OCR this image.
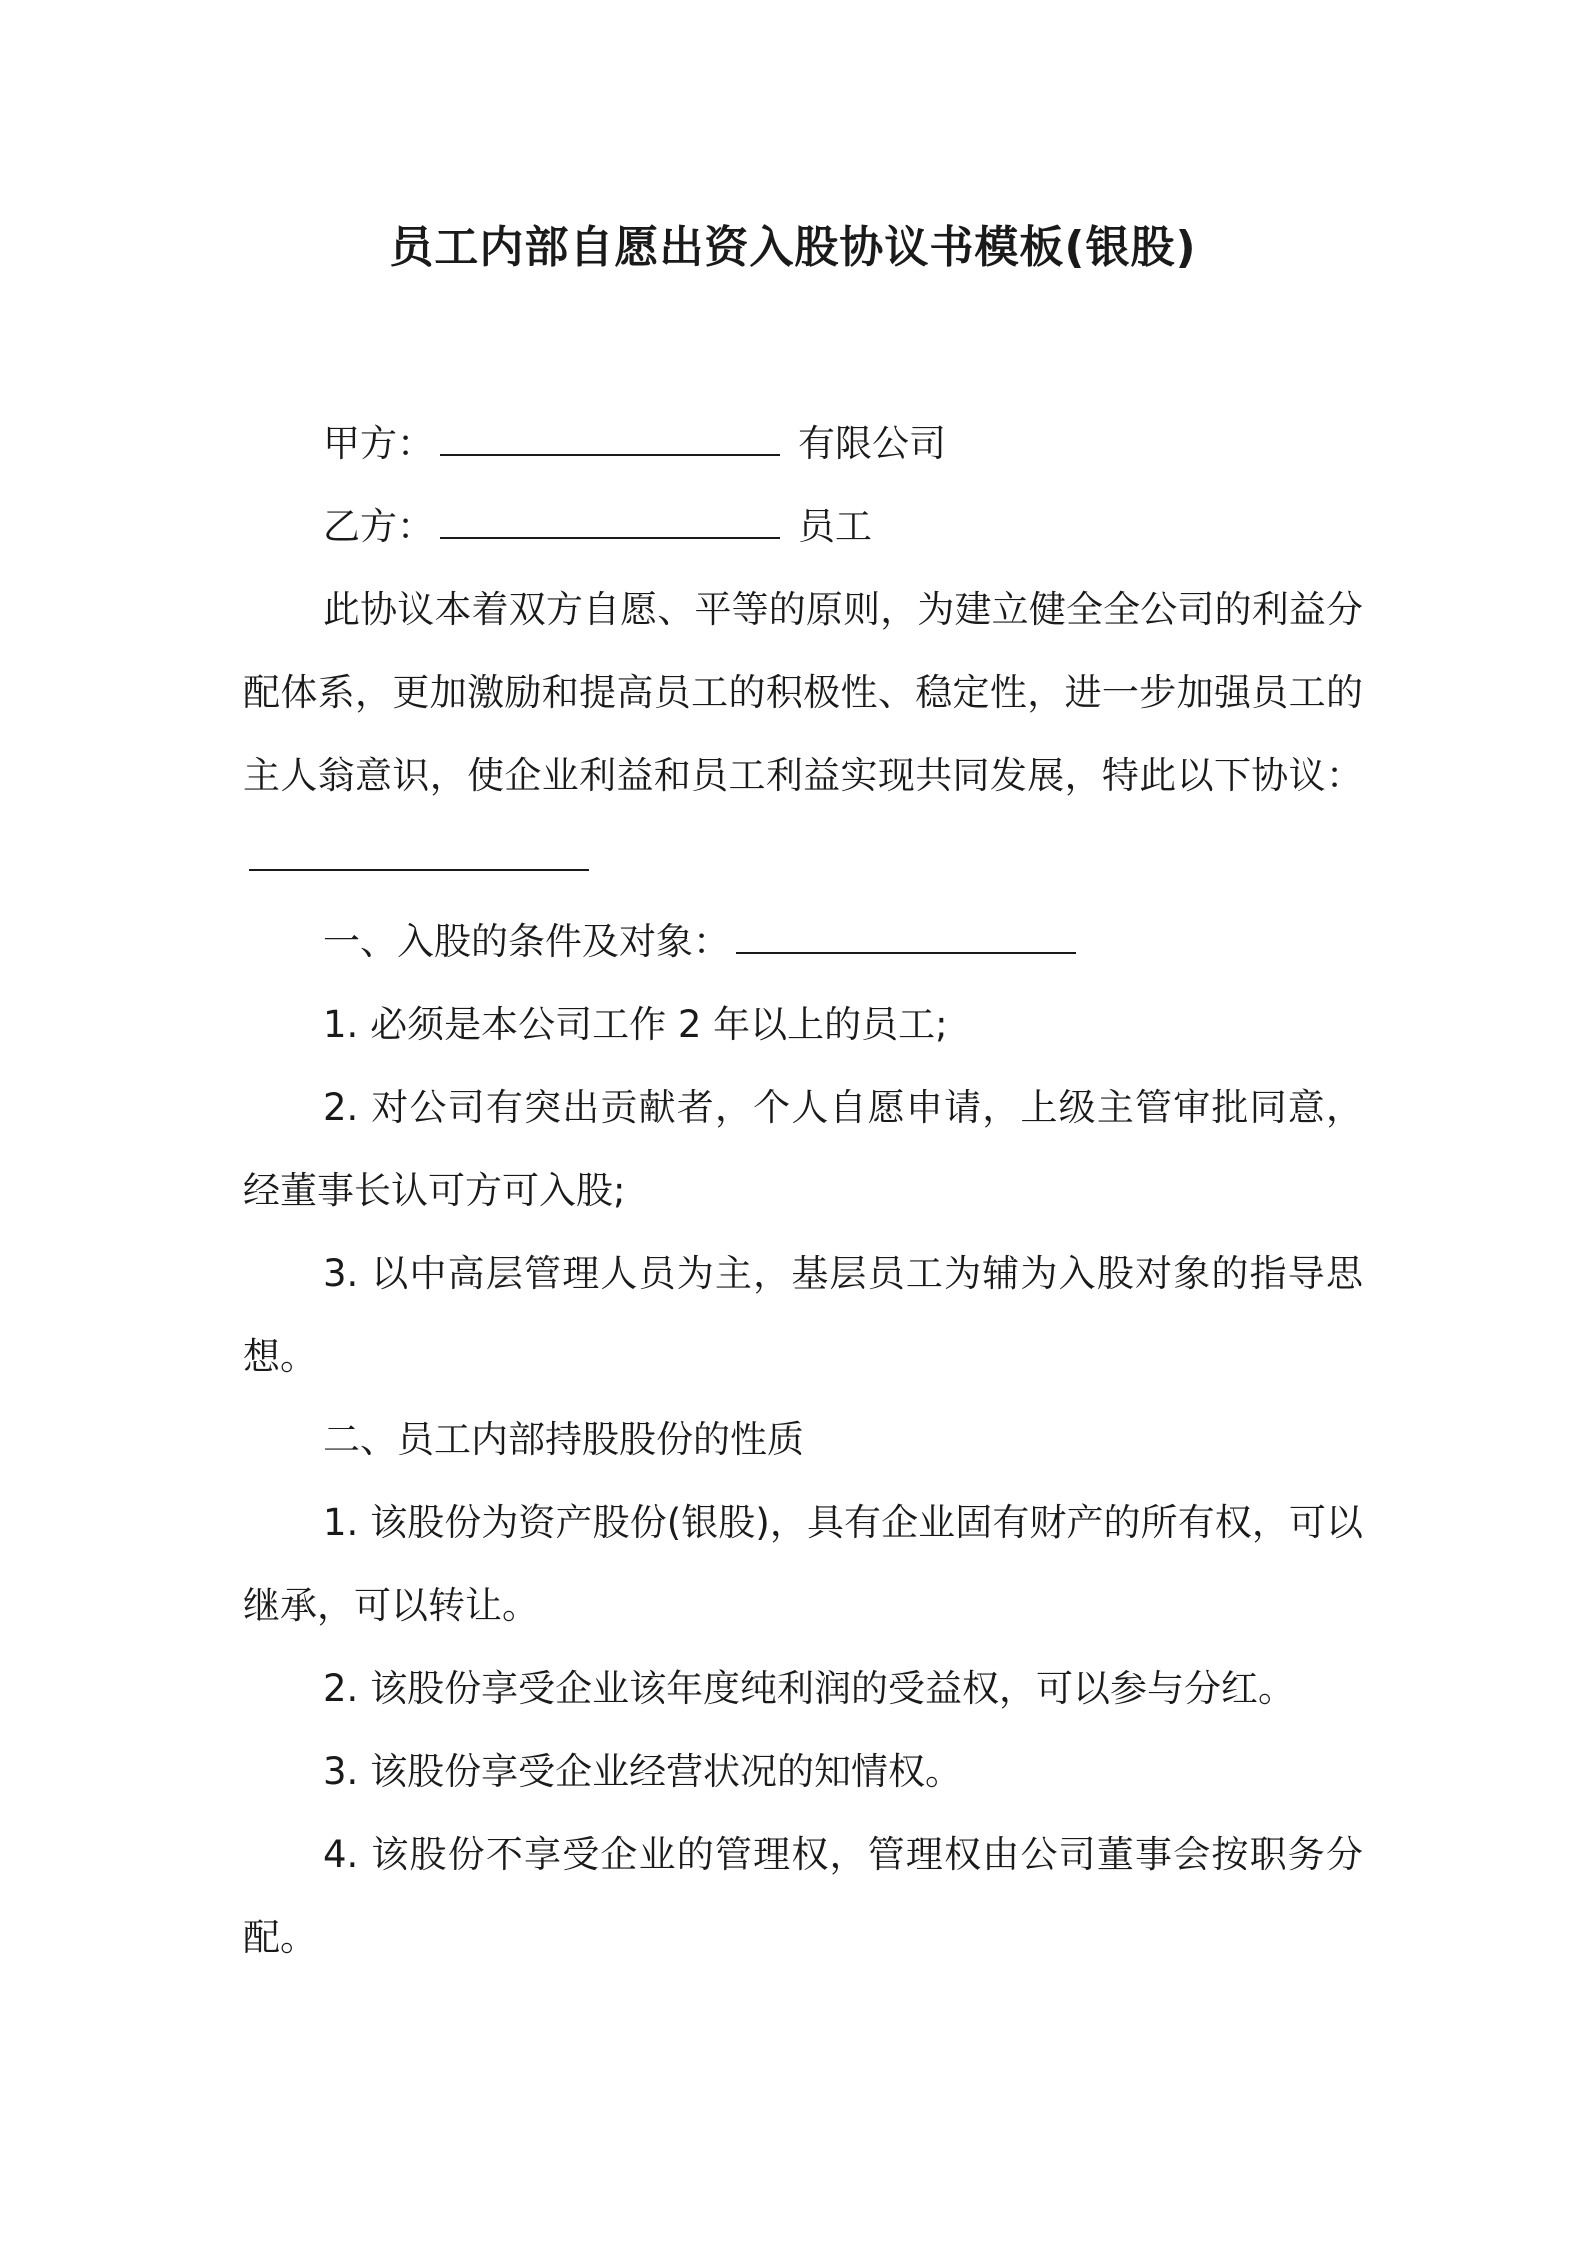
员工内部自愿出资入股协议书模板(银股)

甲方：	有限公司

乙方：	员工

此协议本着双方自愿、平等的原则，为建立健全全公司的利益分配体系，更加激励和提高员工的积极性、稳定性，进一步加强员工的主人翁意识，使企业利益和员工利益实现共同发展，特此以下协议：

一、入股的条件及对象：

1. 必须是本公司工作 2 年以上的员工;

2. 对公司有突出贡献者，个人自愿申请，上级主管审批同意，经董事长认可方可入股;

3. 以中高层管理人员为主，基层员工为辅为入股对象的指导思想。

二、员工内部持股股份的性质

1. 该股份为资产股份(银股)，具有企业固有财产的所有权，可以继承，可以转让。

2. 该股份享受企业该年度纯利润的受益权，可以参与分红。

3. 该股份享受企业经营状况的知情权。

4. 该股份不享受企业的管理权，管理权由公司董事会按职务分配。
